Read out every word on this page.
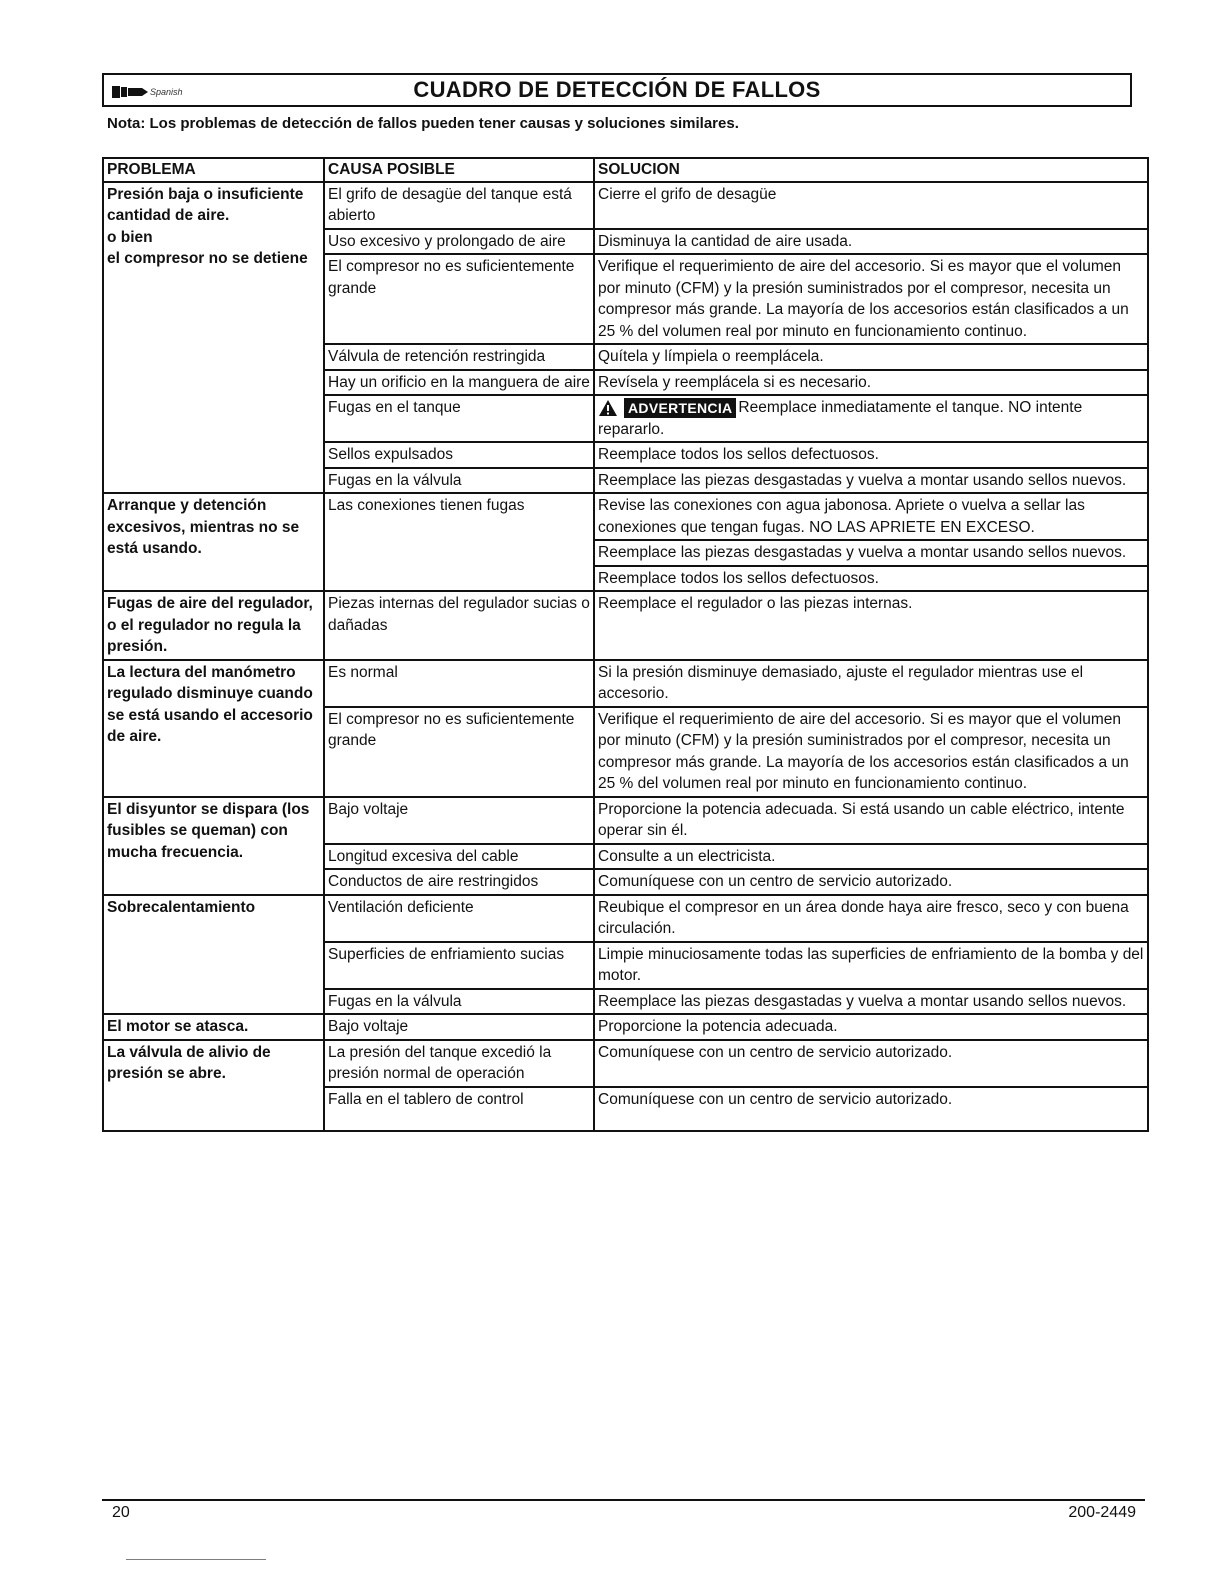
Spanish	CUADRO DE DETECCIÓN DE FALLOS
Nota: Los problemas de detección de fallos pueden tener causas y soluciones similares.
PROBLEMA	CAUSA POSIBLE	SOLUCION
Presión baja o insuficiente cantidad de aire.
o bien
el compresor no se detiene	El grifo de desagüe del tanque está abierto	Cierre el grifo de desagüe
	Uso excesivo y prolongado de aire	Disminuya la cantidad de aire usada.
	El compresor no es suficientemente grande	Verifique el requerimiento de aire del accesorio. Si es mayor que el volumen por minuto (CFM) y la presión suministrados por el compresor, necesita un compresor más grande. La mayoría de los accesorios están clasificados a un 25 % del volumen real por minuto en funcionamiento continuo.
	Válvula de retención restringida	Quítela y límpiela o reemplácela.
	Hay un orificio en la manguera de aire	Revísela y reemplácela si es necesario.
	Fugas en el tanque	ADVERTENCIA Reemplace inmediatamente el tanque. NO intente repararlo.
	Sellos expulsados	Reemplace todos los sellos defectuosos.
	Fugas en la válvula	Reemplace las piezas desgastadas y vuelva a montar usando sellos nuevos.
Arranque y detención excesivos, mientras no se está usando.	Las conexiones tienen fugas	Revise las conexiones con agua jabonosa. Apriete o vuelva a sellar las conexiones que tengan fugas. NO LAS APRIETE EN EXCESO.
		Reemplace las piezas desgastadas y vuelva a montar usando sellos nuevos.
		Reemplace todos los sellos defectuosos.
Fugas de aire del regulador, o el regulador no regula la presión.	Piezas internas del regulador sucias o dañadas	Reemplace el regulador o las piezas internas.
La lectura del manómetro regulado disminuye cuando se está usando el accesorio de aire.	Es normal	Si la presión disminuye demasiado, ajuste el regulador mientras use el accesorio.
	El compresor no es suficientemente grande	Verifique el requerimiento de aire del accesorio. Si es mayor que el volumen por minuto (CFM) y la presión suministrados por el compresor, necesita un compresor más grande. La mayoría de los accesorios están clasificados a un 25 % del volumen real por minuto en funcionamiento continuo.
El disyuntor se dispara (los fusibles se queman) con mucha frecuencia.	Bajo voltaje	Proporcione la potencia adecuada. Si está usando un cable eléctrico, intente operar sin él.
	Longitud excesiva del cable	Consulte a un electricista.
	Conductos de aire restringidos	Comuníquese con un centro de servicio autorizado.
Sobrecalentamiento	Ventilación deficiente	Reubique el compresor en un área donde haya aire fresco, seco y con buena circulación.
	Superficies de enfriamiento sucias	Limpie minuciosamente todas las superficies de enfriamiento de la bomba y del motor.
	Fugas en la válvula	Reemplace las piezas desgastadas y vuelva a montar usando sellos nuevos.
El motor se atasca.	Bajo voltaje	Proporcione la potencia adecuada.
La válvula de alivio de presión se abre.	La presión del tanque excedió la presión normal de operación	Comuníquese con un centro de servicio autorizado.
	Falla en el tablero de control	Comuníquese con un centro de servicio autorizado.
20	200-2449
